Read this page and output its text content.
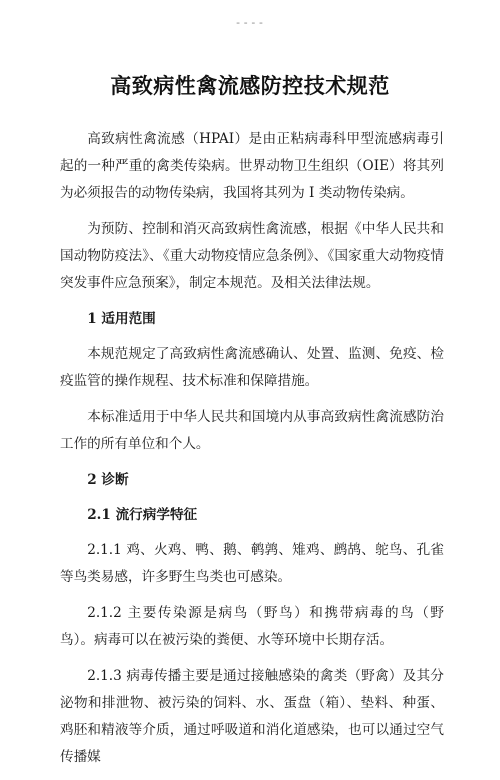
----
高致病性禽流感防控技术规范

高致病性禽流感（HPAI）是由正粘病毒科甲型流感病毒引起的一种严重的禽类传染病。世界动物卫生组织（OIE）将其列为必须报告的动物传染病，我国将其列为 I 类动物传染病。

为预防、控制和消灭高致病性禽流感，根据《中华人民共和国动物防疫法》、《重大动物疫情应急条例》、《国家重大动物疫情突发事件应急预案》，制定本规范。及相关法律法规。

1 适用范围

本规范规定了高致病性禽流感确认、处置、监测、免疫、检疫监管的操作规程、技术标准和保障措施。

本标准适用于中华人民共和国境内从事高致病性禽流感防治工作的所有单位和个人。

2 诊断

2.1 流行病学特征

2.1.1 鸡、火鸡、鸭、鹅、鹌鹑、雉鸡、鹧鸪、鸵鸟、孔雀等鸟类易感，许多野生鸟类也可感染。

2.1.2 主要传染源是病鸟（野鸟）和携带病毒的鸟（野鸟）。病毒可以在被污染的粪便、水等环境中长期存活。

2.1.3 病毒传播主要是通过接触感染的禽类（野禽）及其分泌物和排泄物、被污染的饲料、水、蛋盘（箱）、垫料、种蛋、鸡胚和精液等介质，通过呼吸道和消化道感染，也可以通过空气传播媒
